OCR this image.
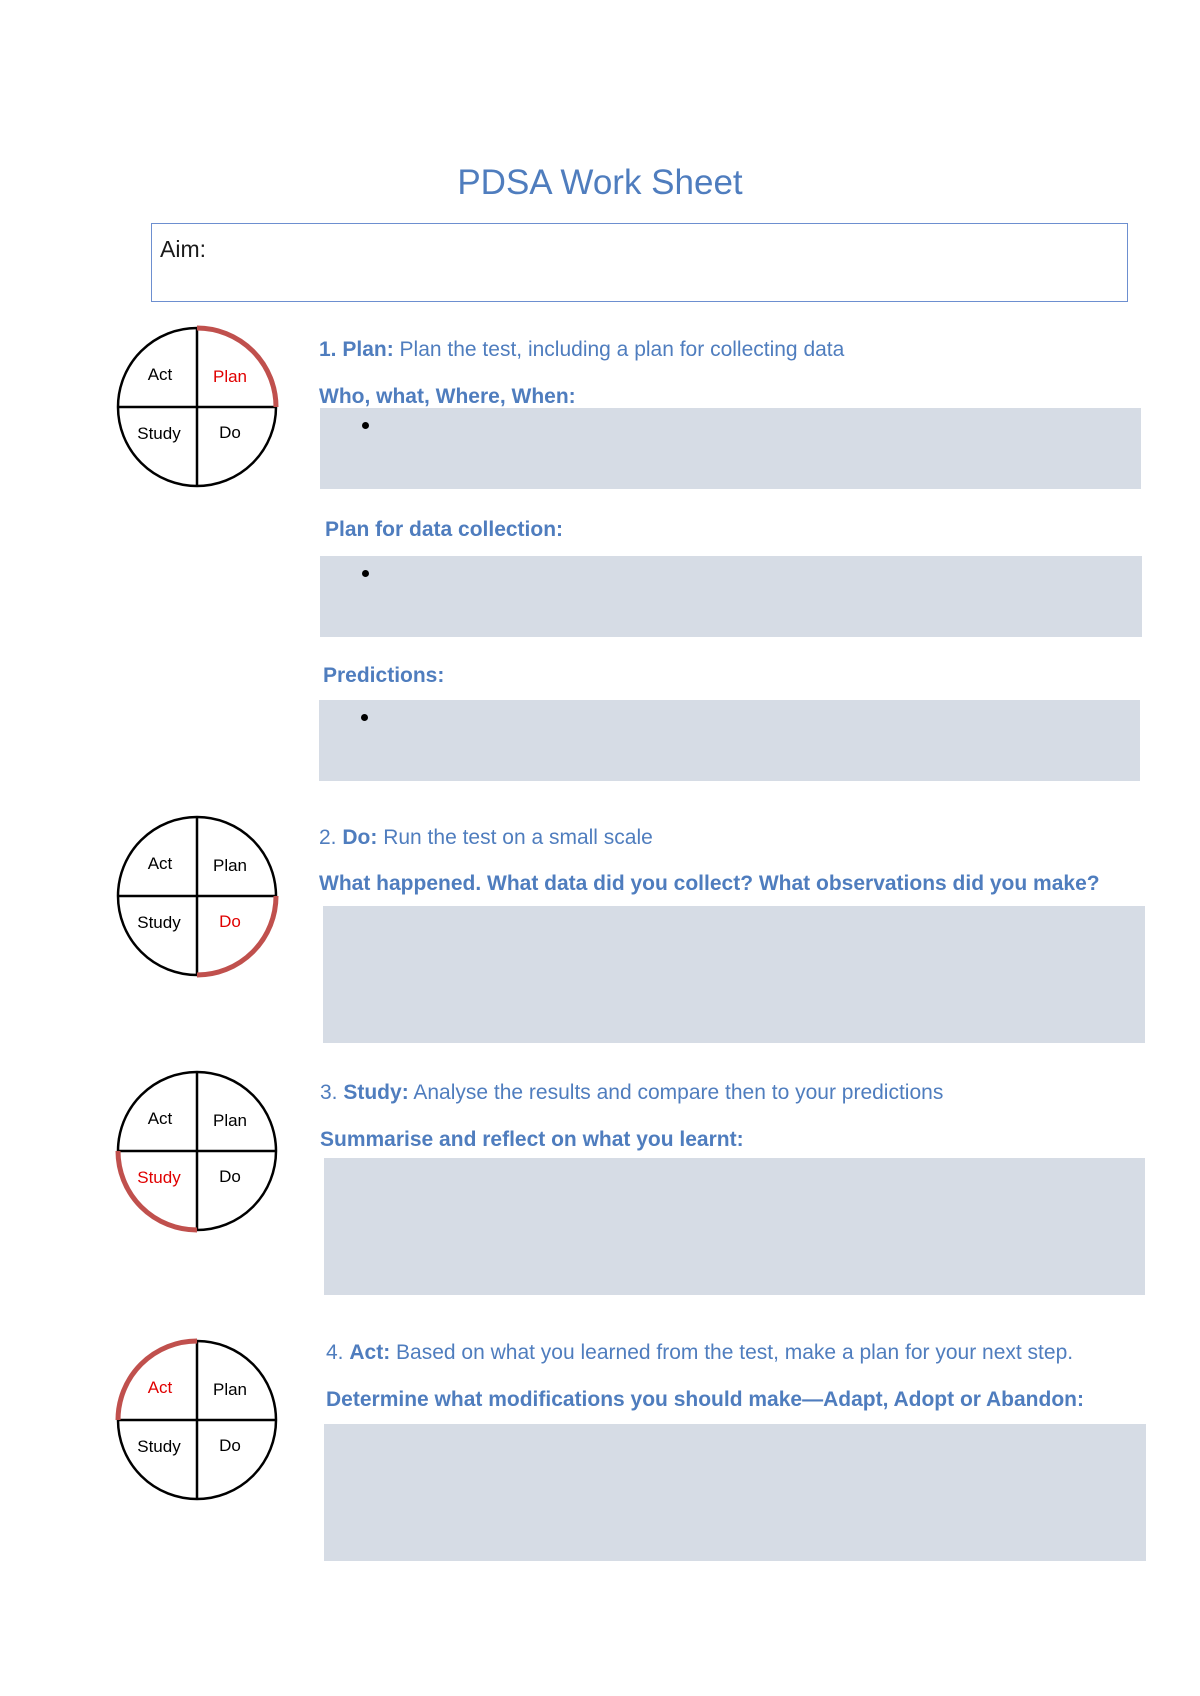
PDSA Work Sheet
Aim:
Act Plan
Study Do
1. Plan: Plan the test, including a plan for collecting data
Who, what, Where, When:
Plan for data collection:
Predictions:
Act Plan
Study Do
2. Do: Run the test on a small scale
What happened. What data did you collect? What observations did you make?
Act Plan
Study Do
3. Study: Analyse the results and compare then to your predictions
Summarise and reflect on what you learnt:
Act Plan
Study Do
4. Act: Based on what you learned from the test, make a plan for your next step.
Determine what modifications you should make—Adapt, Adopt or Abandon:
